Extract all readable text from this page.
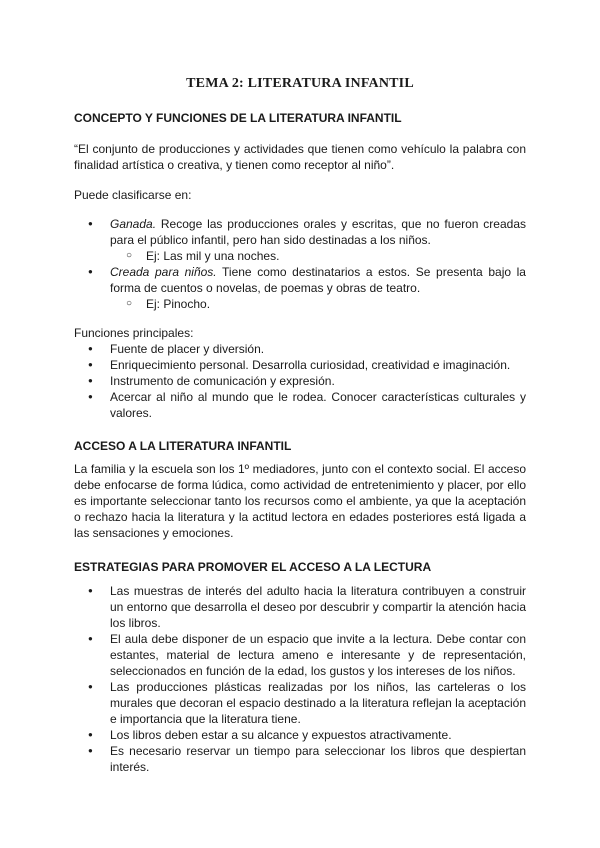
TEMA 2: LITERATURA INFANTIL

CONCEPTO Y FUNCIONES DE LA LITERATURA INFANTIL

“El conjunto de producciones y actividades que tienen como vehículo la palabra con finalidad artística o creativa, y tienen como receptor al niño”.

Puede clasificarse en:

● Ganada. Recoge las producciones orales y escritas, que no fueron creadas para el público infantil, pero han sido destinadas a los niños.
○ Ej: Las mil y una noches.
● Creada para niños. Tiene como destinatarios a estos. Se presenta bajo la forma de cuentos o novelas, de poemas y obras de teatro.
○ Ej: Pinocho.

Funciones principales:

● Fuente de placer y diversión.
● Enriquecimiento personal. Desarrolla curiosidad, creatividad e imaginación.
● Instrumento de comunicación y expresión.
● Acercar al niño al mundo que le rodea. Conocer características culturales y valores.

ACCESO A LA LITERATURA INFANTIL

La familia y la escuela son los 1º mediadores, junto con el contexto social. El acceso debe enfocarse de forma lúdica, como actividad de entretenimiento y placer, por ello es importante seleccionar tanto los recursos como el ambiente, ya que la aceptación o rechazo hacia la literatura y la actitud lectora en edades posteriores está ligada a las sensaciones y emociones.

ESTRATEGIAS PARA PROMOVER EL ACCESO A LA LECTURA

● Las muestras de interés del adulto hacia la literatura contribuyen a construir un entorno que desarrolla el deseo por descubrir y compartir la atención hacia los libros.
● El aula debe disponer de un espacio que invite a la lectura. Debe contar con estantes, material de lectura ameno e interesante y de representación, seleccionados en función de la edad, los gustos y los intereses de los niños.
● Las producciones plásticas realizadas por los niños, las carteleras o los murales que decoran el espacio destinado a la literatura reflejan la aceptación e importancia que la literatura tiene.
● Los libros deben estar a su alcance y expuestos atractivamente.
● Es necesario reservar un tiempo para seleccionar los libros que despiertan interés.
